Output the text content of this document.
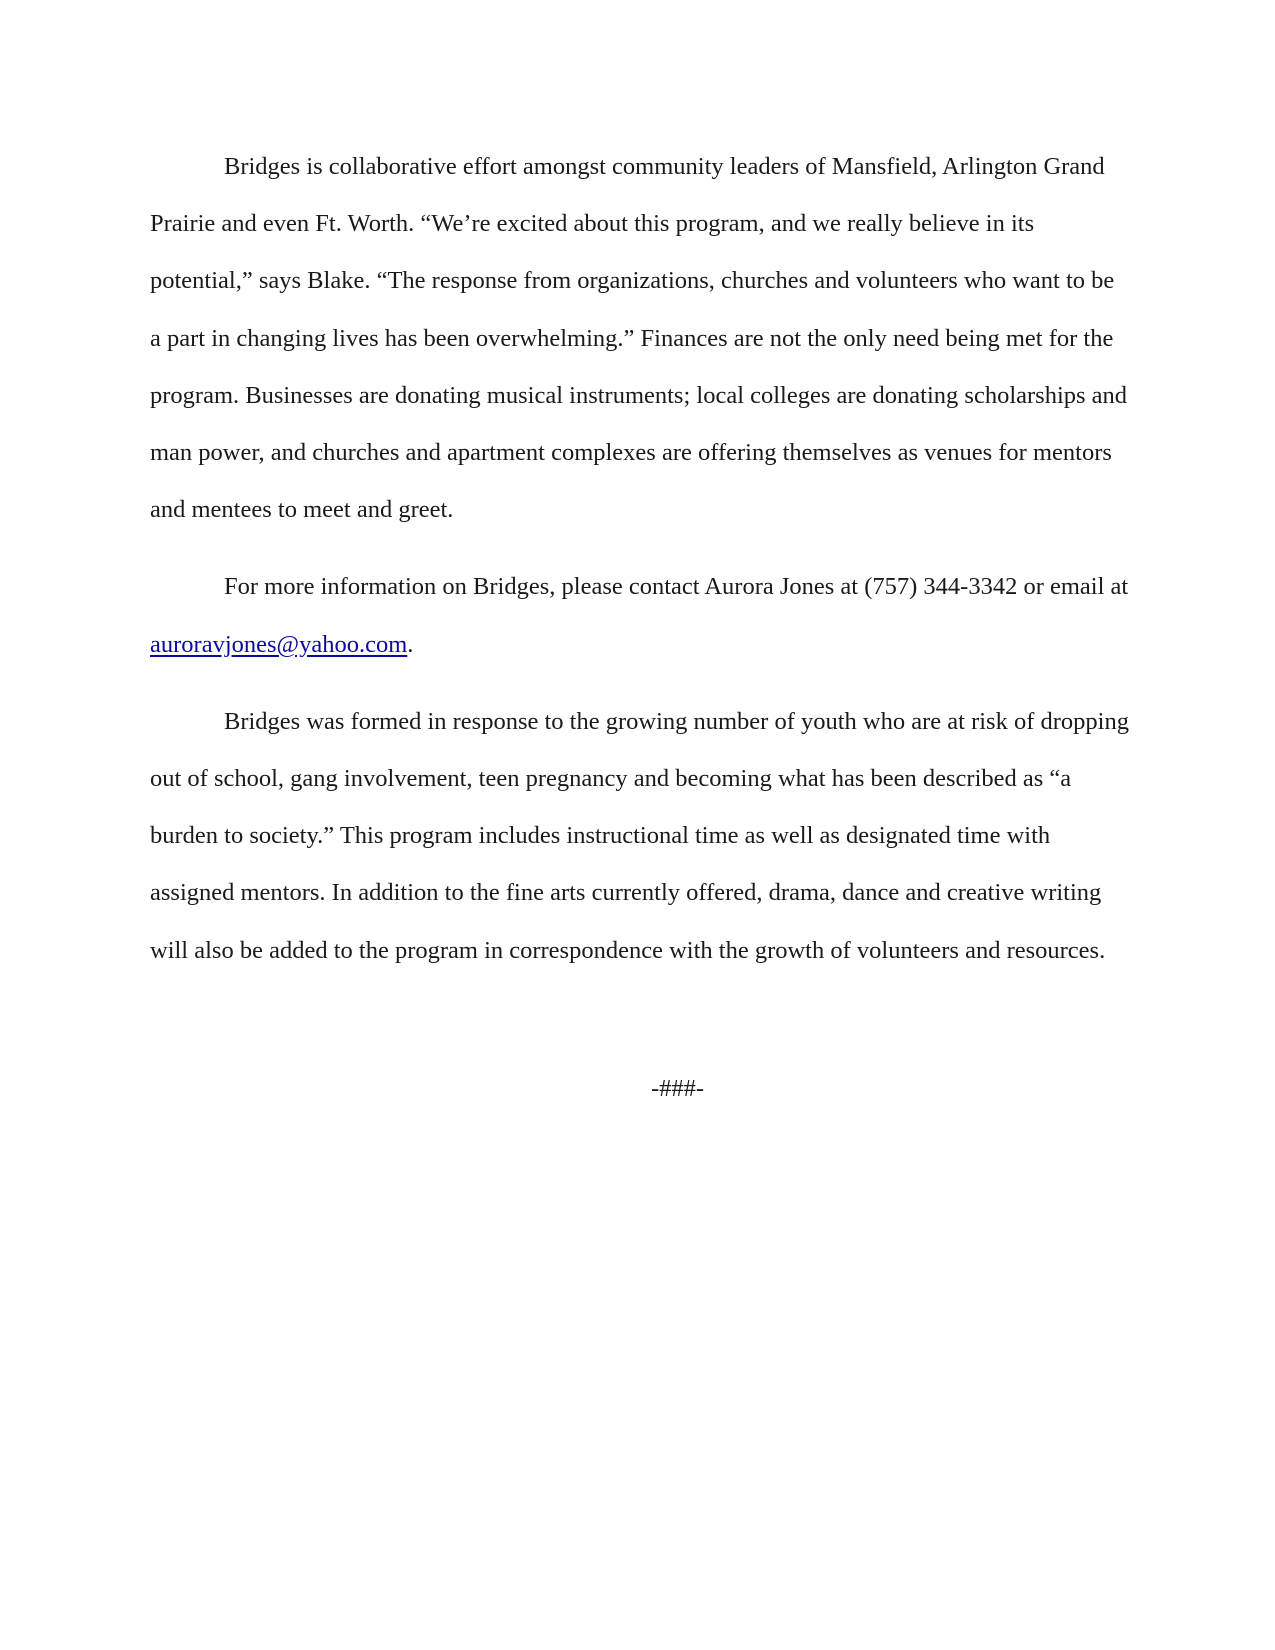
Bridges is collaborative effort amongst community leaders of Mansfield, Arlington Grand Prairie and even Ft. Worth. “We’re excited about this program, and we really believe in its potential,” says Blake. “The response from organizations, churches and volunteers who want to be a part in changing lives has been overwhelming.” Finances are not the only need being met for the program. Businesses are donating musical instruments; local colleges are donating scholarships and man power, and churches and apartment complexes are offering themselves as venues for mentors and mentees to meet and greet.

For more information on Bridges, please contact Aurora Jones at (757) 344-3342 or email at auroravjones@yahoo.com.

Bridges was formed in response to the growing number of youth who are at risk of dropping out of school, gang involvement, teen pregnancy and becoming what has been described as “a burden to society.” This program includes instructional time as well as designated time with assigned mentors. In addition to the fine arts currently offered, drama, dance and creative writing will also be added to the program in correspondence with the growth of volunteers and resources.

-###-
